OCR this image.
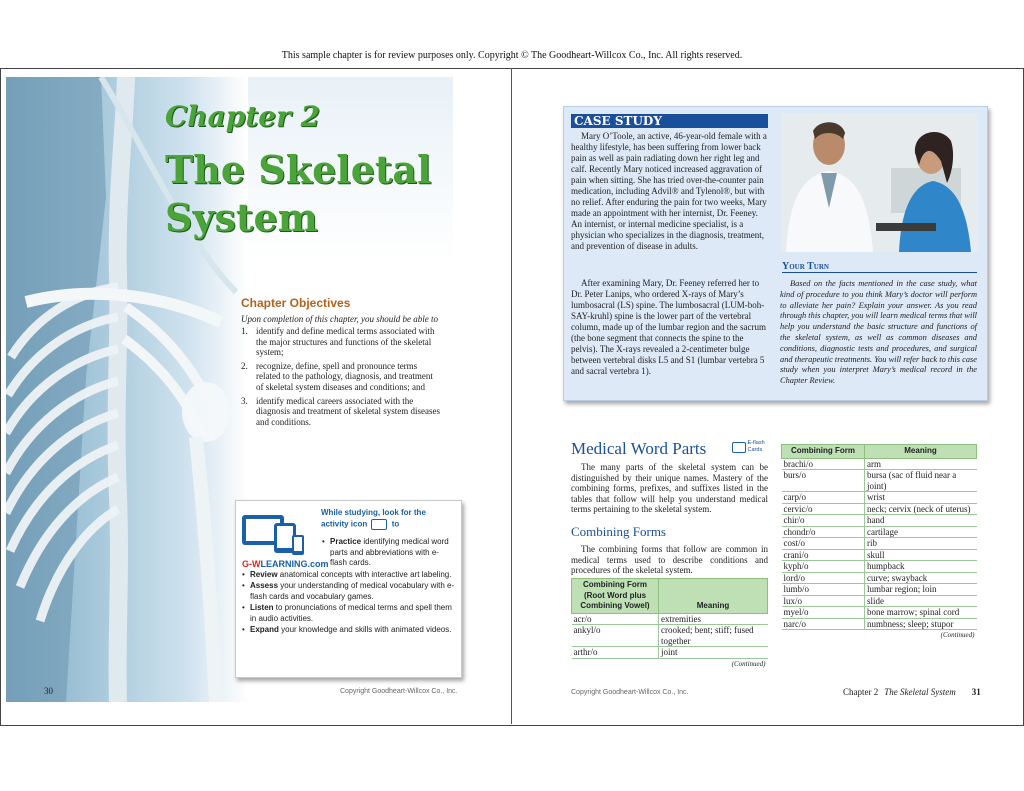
This sample chapter is for review purposes only. Copyright © The Goodheart-Willcox Co., Inc. All rights reserved.
Chapter 2
The Skeletal
System
Chapter Objectives
Upon completion of this chapter, you should be able to
1. identify and define medical terms associated with the major structures and functions of the skeletal system;
2. recognize, define, spell and pronounce terms related to the pathology, diagnosis, and treatment of skeletal system diseases and conditions; and
3. identify medical careers associated with the diagnosis and treatment of skeletal system diseases and conditions.
G-WLEARNING.com
While studying, look for the activity icon	to
• Practice identifying medical word parts and abbreviations with e-flash cards.
• Review anatomical concepts with interactive art labeling.
• Assess your understanding of medical vocabulary with e-flash cards and vocabulary games.
• Listen to pronunciations of medical terms and spell them in audio activities.
• Expand your knowledge and skills with animated videos.
30	Copyright Goodheart-Willcox Co., Inc.
CASE STUDY

Mary O’Toole, an active, 46-year-old female with a healthy lifestyle, has been suffering from lower back pain as well as pain radiating down her right leg and calf. Recently Mary noticed increased aggravation of pain when sitting. She has tried over-the-counter pain medication, including Advil® and Tylenol®, but with no relief. After enduring the pain for two weeks, Mary made an appointment with her internist, Dr. Feeney. An internist, or internal medicine specialist, is a physician who specializes in the diagnosis, treatment, and prevention of disease in adults.

After examining Mary, Dr. Feeney referred her to Dr. Peter Lanips, who ordered X-rays of Mary’s lumbosacral (LS) spine. The lumbosacral (LUM-boh-SAY-kruhl) spine is the lower part of the vertebral column, made up of the lumbar region and the sacrum (the bone segment that connects the spine to the pelvis). The X-rays revealed a 2-centimeter bulge between vertebral disks L5 and S1 (lumbar vertebra 5 and sacral vertebra 1).

Your Turn

Based on the facts mentioned in the case study, what kind of procedure to you think Mary’s doctor will perform to alleviate her pain? Explain your answer. As you read through this chapter, you will learn medical terms that will help you understand the basic structure and functions of the skeletal system, as well as common diseases and conditions, diagnostic tests and procedures, and surgical and therapeutic treatments. You will refer back to this case study when you interpret Mary’s medical record in the Chapter Review.

Medical Word Parts
	E-flash
Cards

The many parts of the skeletal system can be distinguished by their unique names. Mastery of the combining forms, prefixes, and suffixes listed in the tables that follow will help you understand medical terms pertaining to the skeletal system.

Combining Forms

The combining forms that follow are common in medical terms used to describe conditions and procedures of the skeletal system.

Combining Form (Root Word plus Combining Vowel)	Meaning
acr/o	extremities
ankyl/o	crooked; bent; stiff; fused together
arthr/o	joint
(Continued)	
Combining Form	Meaning
brachi/o	arm
burs/o	bursa (sac of fluid near a joint)
carp/o	wrist
cervic/o	neck; cervix (neck of uterus)
chir/o	hand
chondr/o	cartilage
cost/o	rib
crani/o	skull
kyph/o	humpback
lord/o	curve; swayback
lumb/o	lumbar region; loin
lux/o	slide
myel/o	bone marrow; spinal cord
narc/o	numbness; sleep; stupor
(Continued)	
Copyright Goodheart-Willcox Co., Inc.	Chapter 2 The Skeletal System 31
